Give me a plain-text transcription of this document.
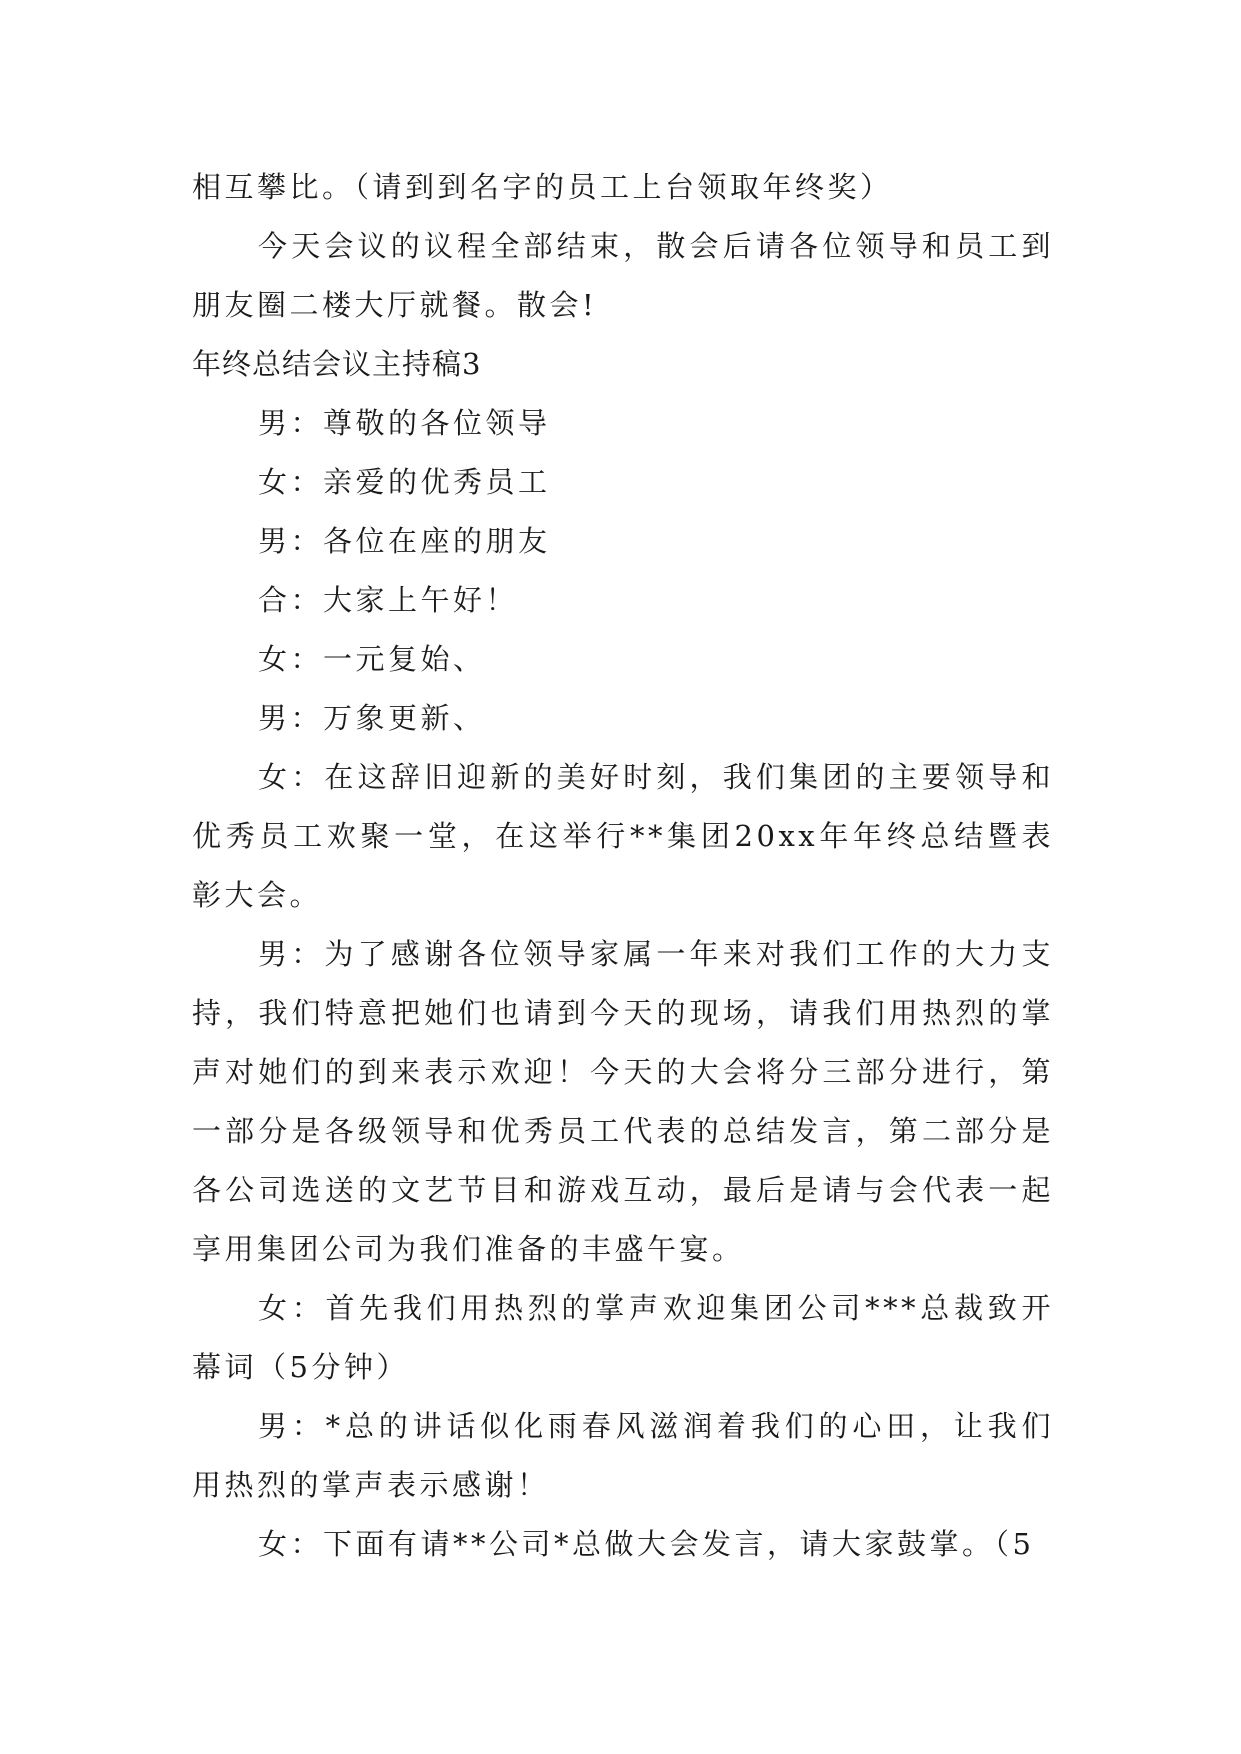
相互攀比。（请到到名字的员工上台领取年终奖）

今天会议的议程全部结束，散会后请各位领导和员工到朋友圈二楼大厅就餐。散会!

年终总结会议主持稿3

男：尊敬的各位领导

女：亲爱的优秀员工

男：各位在座的朋友

合：大家上午好！

女：一元复始、

男：万象更新、

女：在这辞旧迎新的美好时刻，我们集团的主要领导和优秀员工欢聚一堂，在这举行**集团20xx年年终总结暨表彰大会。

男：为了感谢各位领导家属一年来对我们工作的大力支持，我们特意把她们也请到今天的现场，请我们用热烈的掌声对她们的到来表示欢迎！今天的大会将分三部分进行，第一部分是各级领导和优秀员工代表的总结发言，第二部分是各公司选送的文艺节目和游戏互动，最后是请与会代表一起享用集团公司为我们准备的丰盛午宴。

女：首先我们用热烈的掌声欢迎集团公司***总裁致开幕词（5分钟）

男：*总的讲话似化雨春风滋润着我们的心田，让我们用热烈的掌声表示感谢！

女：下面有请**公司*总做大会发言，请大家鼓掌。（5
